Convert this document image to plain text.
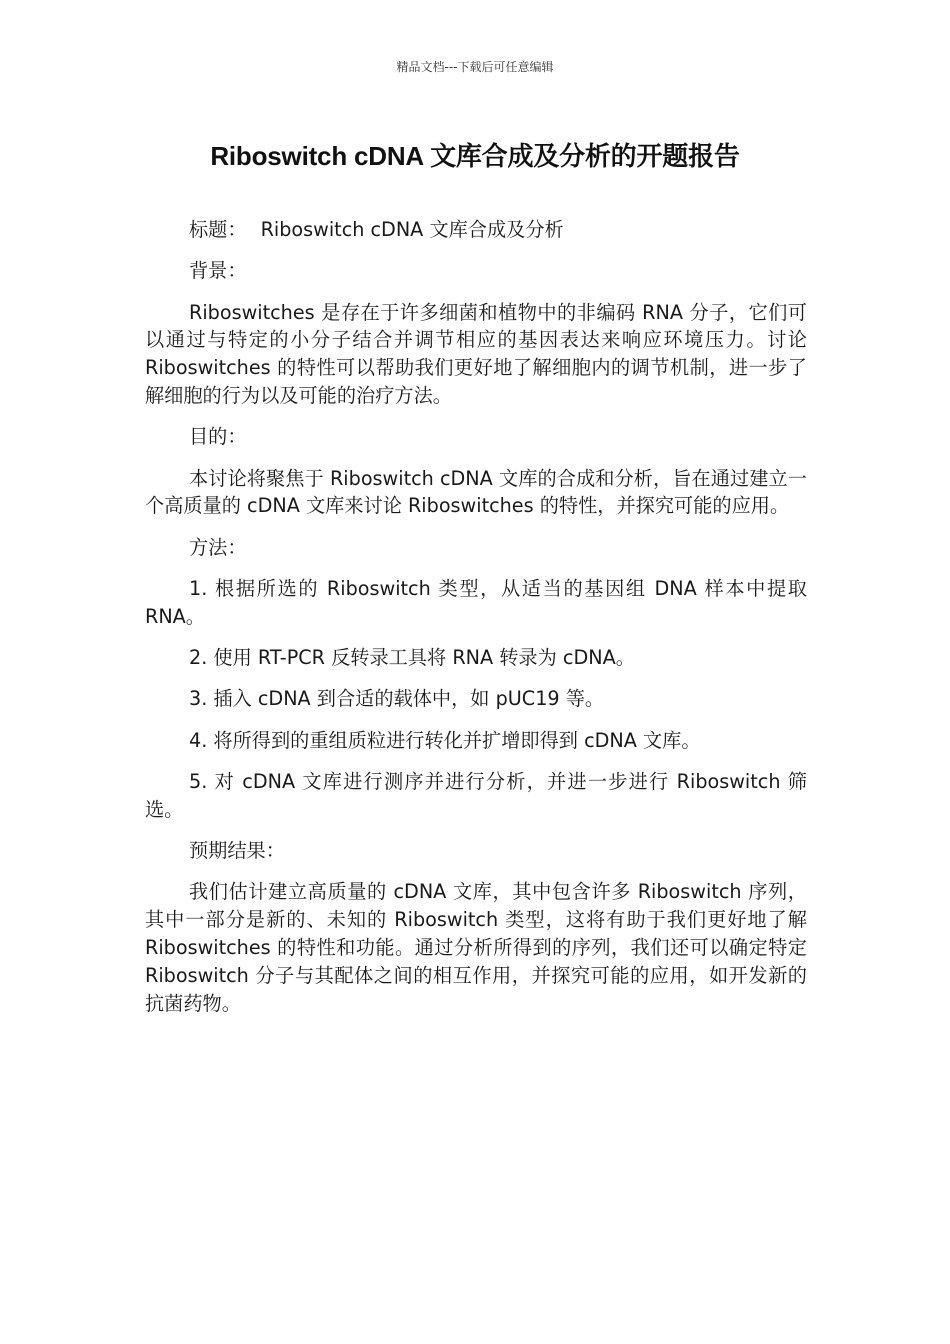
精品文档---下载后可任意编辑
Riboswitch cDNA 文库合成及分析的开题报告

标题： Riboswitch cDNA 文库合成及分析

背景：

Riboswitches 是存在于许多细菌和植物中的非编码 RNA 分子，它们可以通过与特定的小分子结合并调节相应的基因表达来响应环境压力。讨论 Riboswitches 的特性可以帮助我们更好地了解细胞内的调节机制，进一步了解细胞的行为以及可能的治疗方法。

目的：

本讨论将聚焦于 Riboswitch cDNA 文库的合成和分析，旨在通过建立一个高质量的 cDNA 文库来讨论 Riboswitches 的特性，并探究可能的应用。

方法：

1. 根据所选的 Riboswitch 类型，从适当的基因组 DNA 样本中提取 RNA。

2. 使用 RT-PCR 反转录工具将 RNA 转录为 cDNA。

3. 插入 cDNA 到合适的载体中，如 pUC19 等。

4. 将所得到的重组质粒进行转化并扩增即得到 cDNA 文库。

5. 对 cDNA 文库进行测序并进行分析，并进一步进行 Riboswitch 筛选。

预期结果：

我们估计建立高质量的 cDNA 文库，其中包含许多 Riboswitch 序列，其中一部分是新的、未知的 Riboswitch 类型，这将有助于我们更好地了解 Riboswitches 的特性和功能。通过分析所得到的序列，我们还可以确定特定 Riboswitch 分子与其配体之间的相互作用，并探究可能的应用，如开发新的抗菌药物。
